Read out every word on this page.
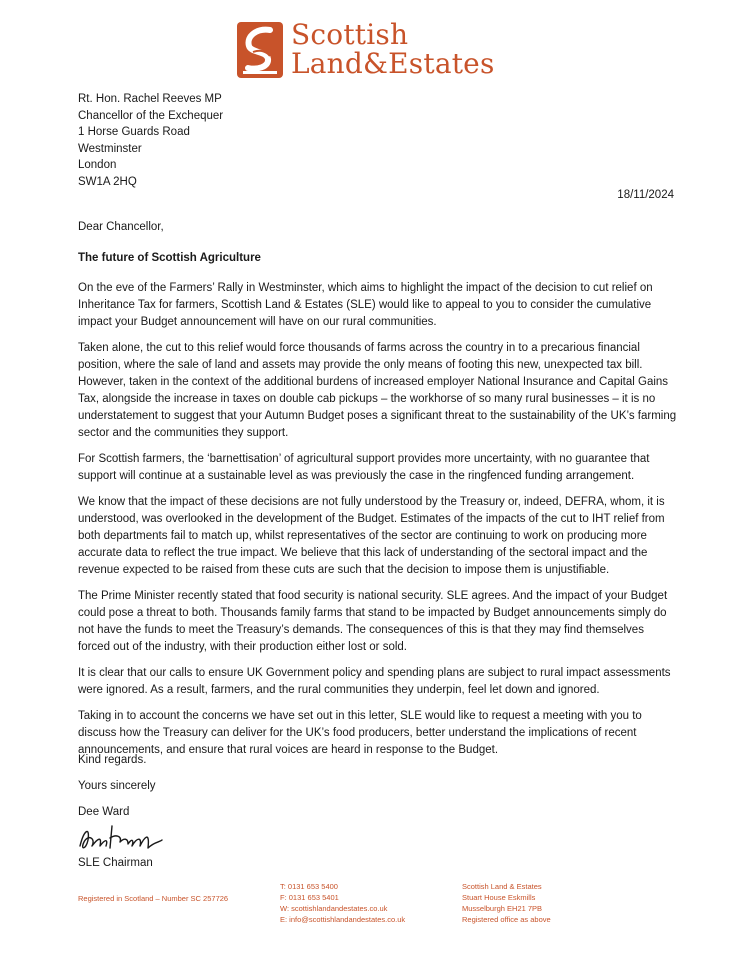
Scottish
Land&Estates
Rt. Hon. Rachel Reeves MP
Chancellor of the Exchequer
1 Horse Guards Road
Westminster
London
SW1A 2HQ
18/11/2024
Dear Chancellor,
The future of Scottish Agriculture

On the eve of the Farmers’ Rally in Westminster, which aims to highlight the impact of the decision to cut relief on Inheritance Tax for farmers, Scottish Land & Estates (SLE) would like to appeal to you to consider the cumulative impact your Budget announcement will have on our rural communities.

Taken alone, the cut to this relief would force thousands of farms across the country in to a precarious financial position, where the sale of land and assets may provide the only means of footing this new, unexpected tax bill. However, taken in the context of the additional burdens of increased employer National Insurance and Capital Gains Tax, alongside the increase in taxes on double cab pickups – the workhorse of so many rural businesses – it is no understatement to suggest that your Autumn Budget poses a significant threat to the sustainability of the UK’s farming sector and the communities they support.

For Scottish farmers, the ‘barnettisation’ of agricultural support provides more uncertainty, with no guarantee that support will continue at a sustainable level as was previously the case in the ringfenced funding arrangement.

We know that the impact of these decisions are not fully understood by the Treasury or, indeed, DEFRA, whom, it is understood, was overlooked in the development of the Budget. Estimates of the impacts of the cut to IHT relief from both departments fail to match up, whilst representatives of the sector are continuing to work on producing more accurate data to reflect the true impact. We believe that this lack of understanding of the sectoral impact and the revenue expected to be raised from these cuts are such that the decision to impose them is unjustifiable.

The Prime Minister recently stated that food security is national security. SLE agrees. And the impact of your Budget could pose a threat to both. Thousands family farms that stand to be impacted by Budget announcements simply do not have the funds to meet the Treasury’s demands. The consequences of this is that they may find themselves forced out of the industry, with their production either lost or sold.

It is clear that our calls to ensure UK Government policy and spending plans are subject to rural impact assessments were ignored. As a result, farmers, and the rural communities they underpin, feel let down and ignored.

Taking in to account the concerns we have set out in this letter, SLE would like to request a meeting with you to discuss how the Treasury can deliver for the UK’s food producers, better understand the implications of recent announcements, and ensure that rural voices are heard in response to the Budget.

Kind regards.
Yours sincerely
Dee Ward
SLE Chairman
Registered in Scotland – Number SC 257726
T: 0131 653 5400
F: 0131 653 5401
W: scottishlandandestates.co.uk
E: info@scottishlandandestates.co.uk
Scottish Land & Estates
Stuart House Eskmills
Musselburgh EH21 7PB
Registered office as above
